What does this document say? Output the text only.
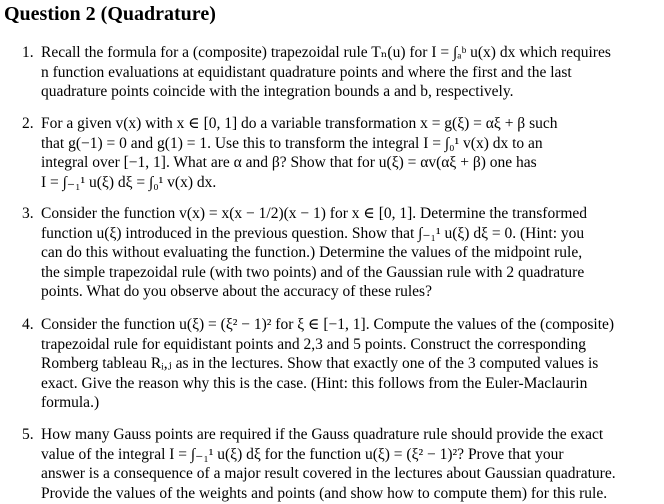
Question 2 (Quadrature)
1. Recall the formula for a (composite) trapezoidal rule Tₙ(u) for I = ∫ₐᵇ u(x) dx which requires
n function evaluations at equidistant quadrature points and where the first and the last
quadrature points coincide with the integration bounds a and b, respectively.
2. For a given v(x) with x ∈ [0, 1] do a variable transformation x = g(ξ) = αξ + β such
that g(−1) = 0 and g(1) = 1. Use this to transform the integral I = ∫₀¹ v(x) dx to an
integral over [−1, 1]. What are α and β? Show that for u(ξ) = αv(αξ + β) one has
I = ∫₋₁¹ u(ξ) dξ = ∫₀¹ v(x) dx.
3. Consider the function v(x) = x(x − 1/2)(x − 1) for x ∈ [0, 1]. Determine the transformed
function u(ξ) introduced in the previous question. Show that ∫₋₁¹ u(ξ) dξ = 0. (Hint: you
can do this without evaluating the function.) Determine the values of the midpoint rule,
the simple trapezoidal rule (with two points) and of the Gaussian rule with 2 quadrature
points. What do you observe about the accuracy of these rules?
4. Consider the function u(ξ) = (ξ² − 1)² for ξ ∈ [−1, 1]. Compute the values of the (composite)
trapezoidal rule for equidistant points and 2,3 and 5 points. Construct the corresponding
Romberg tableau Rᵢ,ⱼ as in the lectures. Show that exactly one of the 3 computed values is
exact. Give the reason why this is the case. (Hint: this follows from the Euler-Maclaurin
formula.)
5. How many Gauss points are required if the Gauss quadrature rule should provide the exact
value of the integral I = ∫₋₁¹ u(ξ) dξ for the function u(ξ) = (ξ² − 1)²? Prove that your
answer is a consequence of a major result covered in the lectures about Gaussian quadrature.
Provide the values of the weights and points (and show how to compute them) for this rule.
